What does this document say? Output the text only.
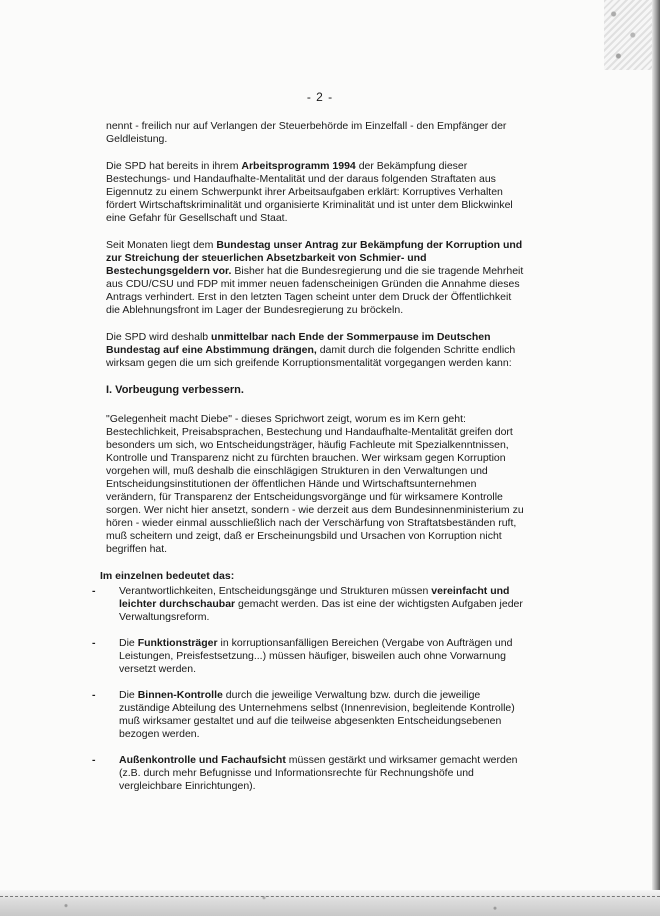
- 2 -

nennt - freilich nur auf Verlangen der Steuerbehörde im Einzelfall - den Empfänger der Geldleistung.

Die SPD hat bereits in ihrem Arbeitsprogramm 1994 der Bekämpfung dieser Bestechungs- und Handaufhalte-Mentalität und der daraus folgenden Straftaten aus Eigennutz zu einem Schwerpunkt ihrer Arbeitsaufgaben erklärt: Korruptives Verhalten fördert Wirtschaftskriminalität und organisierte Kriminalität und ist unter dem Blickwinkel eine Gefahr für Gesellschaft und Staat.

Seit Monaten liegt dem Bundestag unser Antrag zur Bekämpfung der Korruption und zur Streichung der steuerlichen Absetzbarkeit von Schmier- und Bestechungsgeldern vor. Bisher hat die Bundesregierung und die sie tragende Mehrheit aus CDU/CSU und FDP mit immer neuen fadenscheinigen Gründen die Annahme dieses Antrags verhindert. Erst in den letzten Tagen scheint unter dem Druck der Öffentlichkeit die Ablehnungsfront im Lager der Bundesregierung zu bröckeln.

Die SPD wird deshalb unmittelbar nach Ende der Sommerpause im Deutschen Bundestag auf eine Abstimmung drängen, damit durch die folgenden Schritte endlich wirksam gegen die um sich greifende Korruptionsmentalität vorgegangen werden kann:

I. Vorbeugung verbessern.

"Gelegenheit macht Diebe" - dieses Sprichwort zeigt, worum es im Kern geht: Bestechlichkeit, Preisabsprachen, Bestechung und Handaufhalte-Mentalität greifen dort besonders um sich, wo Entscheidungsträger, häufig Fachleute mit Spezialkenntnissen, Kontrolle und Transparenz nicht zu fürchten brauchen. Wer wirksam gegen Korruption vorgehen will, muß deshalb die einschlägigen Strukturen in den Verwaltungen und Entscheidungsinstitutionen der öffentlichen Hände und Wirtschaftsunternehmen verändern, für Transparenz der Entscheidungsvorgänge und für wirksamere Kontrolle sorgen. Wer nicht hier ansetzt, sondern - wie derzeit aus dem Bundesinnenministerium zu hören - wieder einmal ausschließlich nach der Verschärfung von Straftatsbeständen ruft, muß scheitern und zeigt, daß er Erscheinungsbild und Ursachen von Korruption nicht begriffen hat.

Im einzelnen bedeutet das:

- Verantwortlichkeiten, Entscheidungsgänge und Strukturen müssen vereinfacht und leichter durchschaubar gemacht werden. Das ist eine der wichtigsten Aufgaben jeder Verwaltungsreform.
- Die Funktionsträger in korruptionsanfälligen Bereichen (Vergabe von Aufträgen und Leistungen, Preisfestsetzung...) müssen häufiger, bisweilen auch ohne Vorwarnung versetzt werden.
- Die Binnen-Kontrolle durch die jeweilige Verwaltung bzw. durch die jeweilige zuständige Abteilung des Unternehmens selbst (Innenrevision, begleitende Kontrolle) muß wirksamer gestaltet und auf die teilweise abgesenkten Entscheidungsebenen bezogen werden.
- Außenkontrolle und Fachaufsicht müssen gestärkt und wirksamer gemacht werden (z.B. durch mehr Befugnisse und Informationsrechte für Rechnungshöfe und vergleichbare Einrichtungen).
